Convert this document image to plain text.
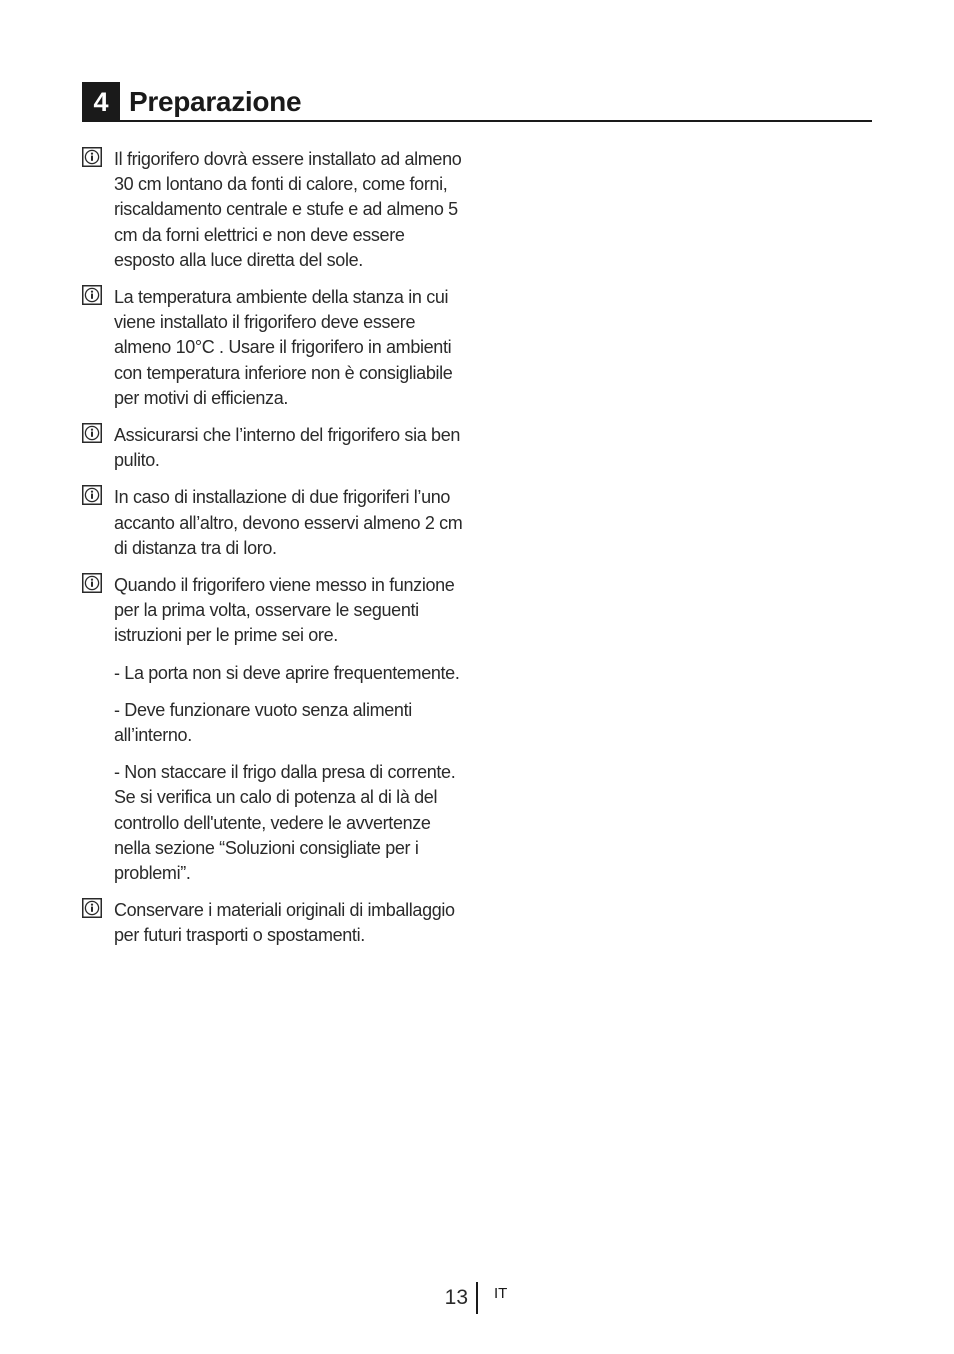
4 Preparazione

Il frigorifero dovrà essere installato ad almeno 30 cm lontano da fonti di calore, come forni, riscaldamento centrale e stufe e ad almeno 5 cm da forni elettrici e non deve essere esposto alla luce diretta del sole.

La temperatura ambiente della stanza in cui viene installato il frigorifero deve essere almeno 10°C . Usare il frigorifero in ambienti con temperatura inferiore non è consigliabile per motivi di efficienza.

Assicurarsi che l’interno del frigorifero sia ben pulito.

In caso di installazione di due frigoriferi l’uno accanto all’altro, devono esservi almeno 2 cm di distanza tra di loro.

Quando il frigorifero viene messo in funzione per la prima volta, osservare le seguenti istruzioni per le prime sei ore.

- La porta non si deve aprire frequentemente.

- Deve funzionare vuoto senza alimenti all’interno.

- Non staccare il frigo dalla presa di corrente. Se si verifica un calo di potenza al di là del controllo dell'utente, vedere le avvertenze nella sezione “Soluzioni consigliate per i problemi”.

Conservare i materiali originali di imballaggio per futuri trasporti o spostamenti.

13 IT
